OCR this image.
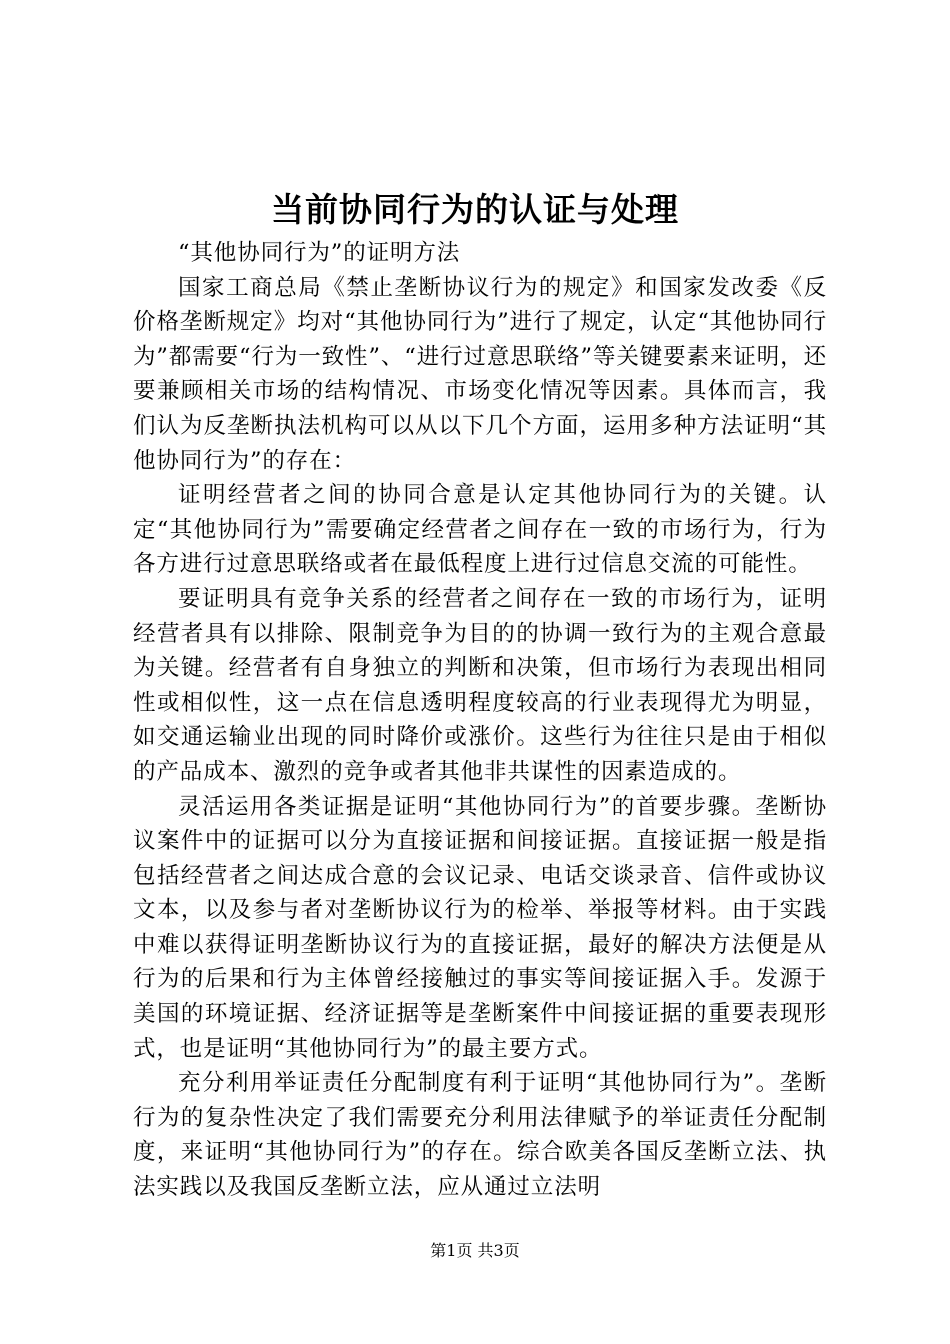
当前协同行为的认证与处理

“其他协同行为”的证明方法

国家工商总局《禁止垄断协议行为的规定》和国家发改委《反价格垄断规定》均对“其他协同行为”进行了规定，认定“其他协同行为”都需要“行为一致性”、“进行过意思联络”等关键要素来证明，还要兼顾相关市场的结构情况、市场变化情况等因素。具体而言，我们认为反垄断执法机构可以从以下几个方面，运用多种方法证明“其他协同行为”的存在：

证明经营者之间的协同合意是认定其他协同行为的关键。认定“其他协同行为”需要确定经营者之间存在一致的市场行为，行为各方进行过意思联络或者在最低程度上进行过信息交流的可能性。

要证明具有竞争关系的经营者之间存在一致的市场行为，证明经营者具有以排除、限制竞争为目的的协调一致行为的主观合意最为关键。经营者有自身独立的判断和决策，但市场行为表现出相同性或相似性，这一点在信息透明程度较高的行业表现得尤为明显，如交通运输业出现的同时降价或涨价。这些行为往往只是由于相似的产品成本、激烈的竞争或者其他非共谋性的因素造成的。

灵活运用各类证据是证明“其他协同行为”的首要步骤。垄断协议案件中的证据可以分为直接证据和间接证据。直接证据一般是指包括经营者之间达成合意的会议记录、电话交谈录音、信件或协议文本，以及参与者对垄断协议行为的检举、举报等材料。由于实践中难以获得证明垄断协议行为的直接证据，最好的解决方法便是从行为的后果和行为主体曾经接触过的事实等间接证据入手。发源于美国的环境证据、经济证据等是垄断案件中间接证据的重要表现形式，也是证明“其他协同行为”的最主要方式。

充分利用举证责任分配制度有利于证明“其他协同行为”。垄断行为的复杂性决定了我们需要充分利用法律赋予的举证责任分配制度，来证明“其他协同行为”的存在。综合欧美各国反垄断立法、执法实践以及我国反垄断立法，应从通过立法明

第1页 共3页
